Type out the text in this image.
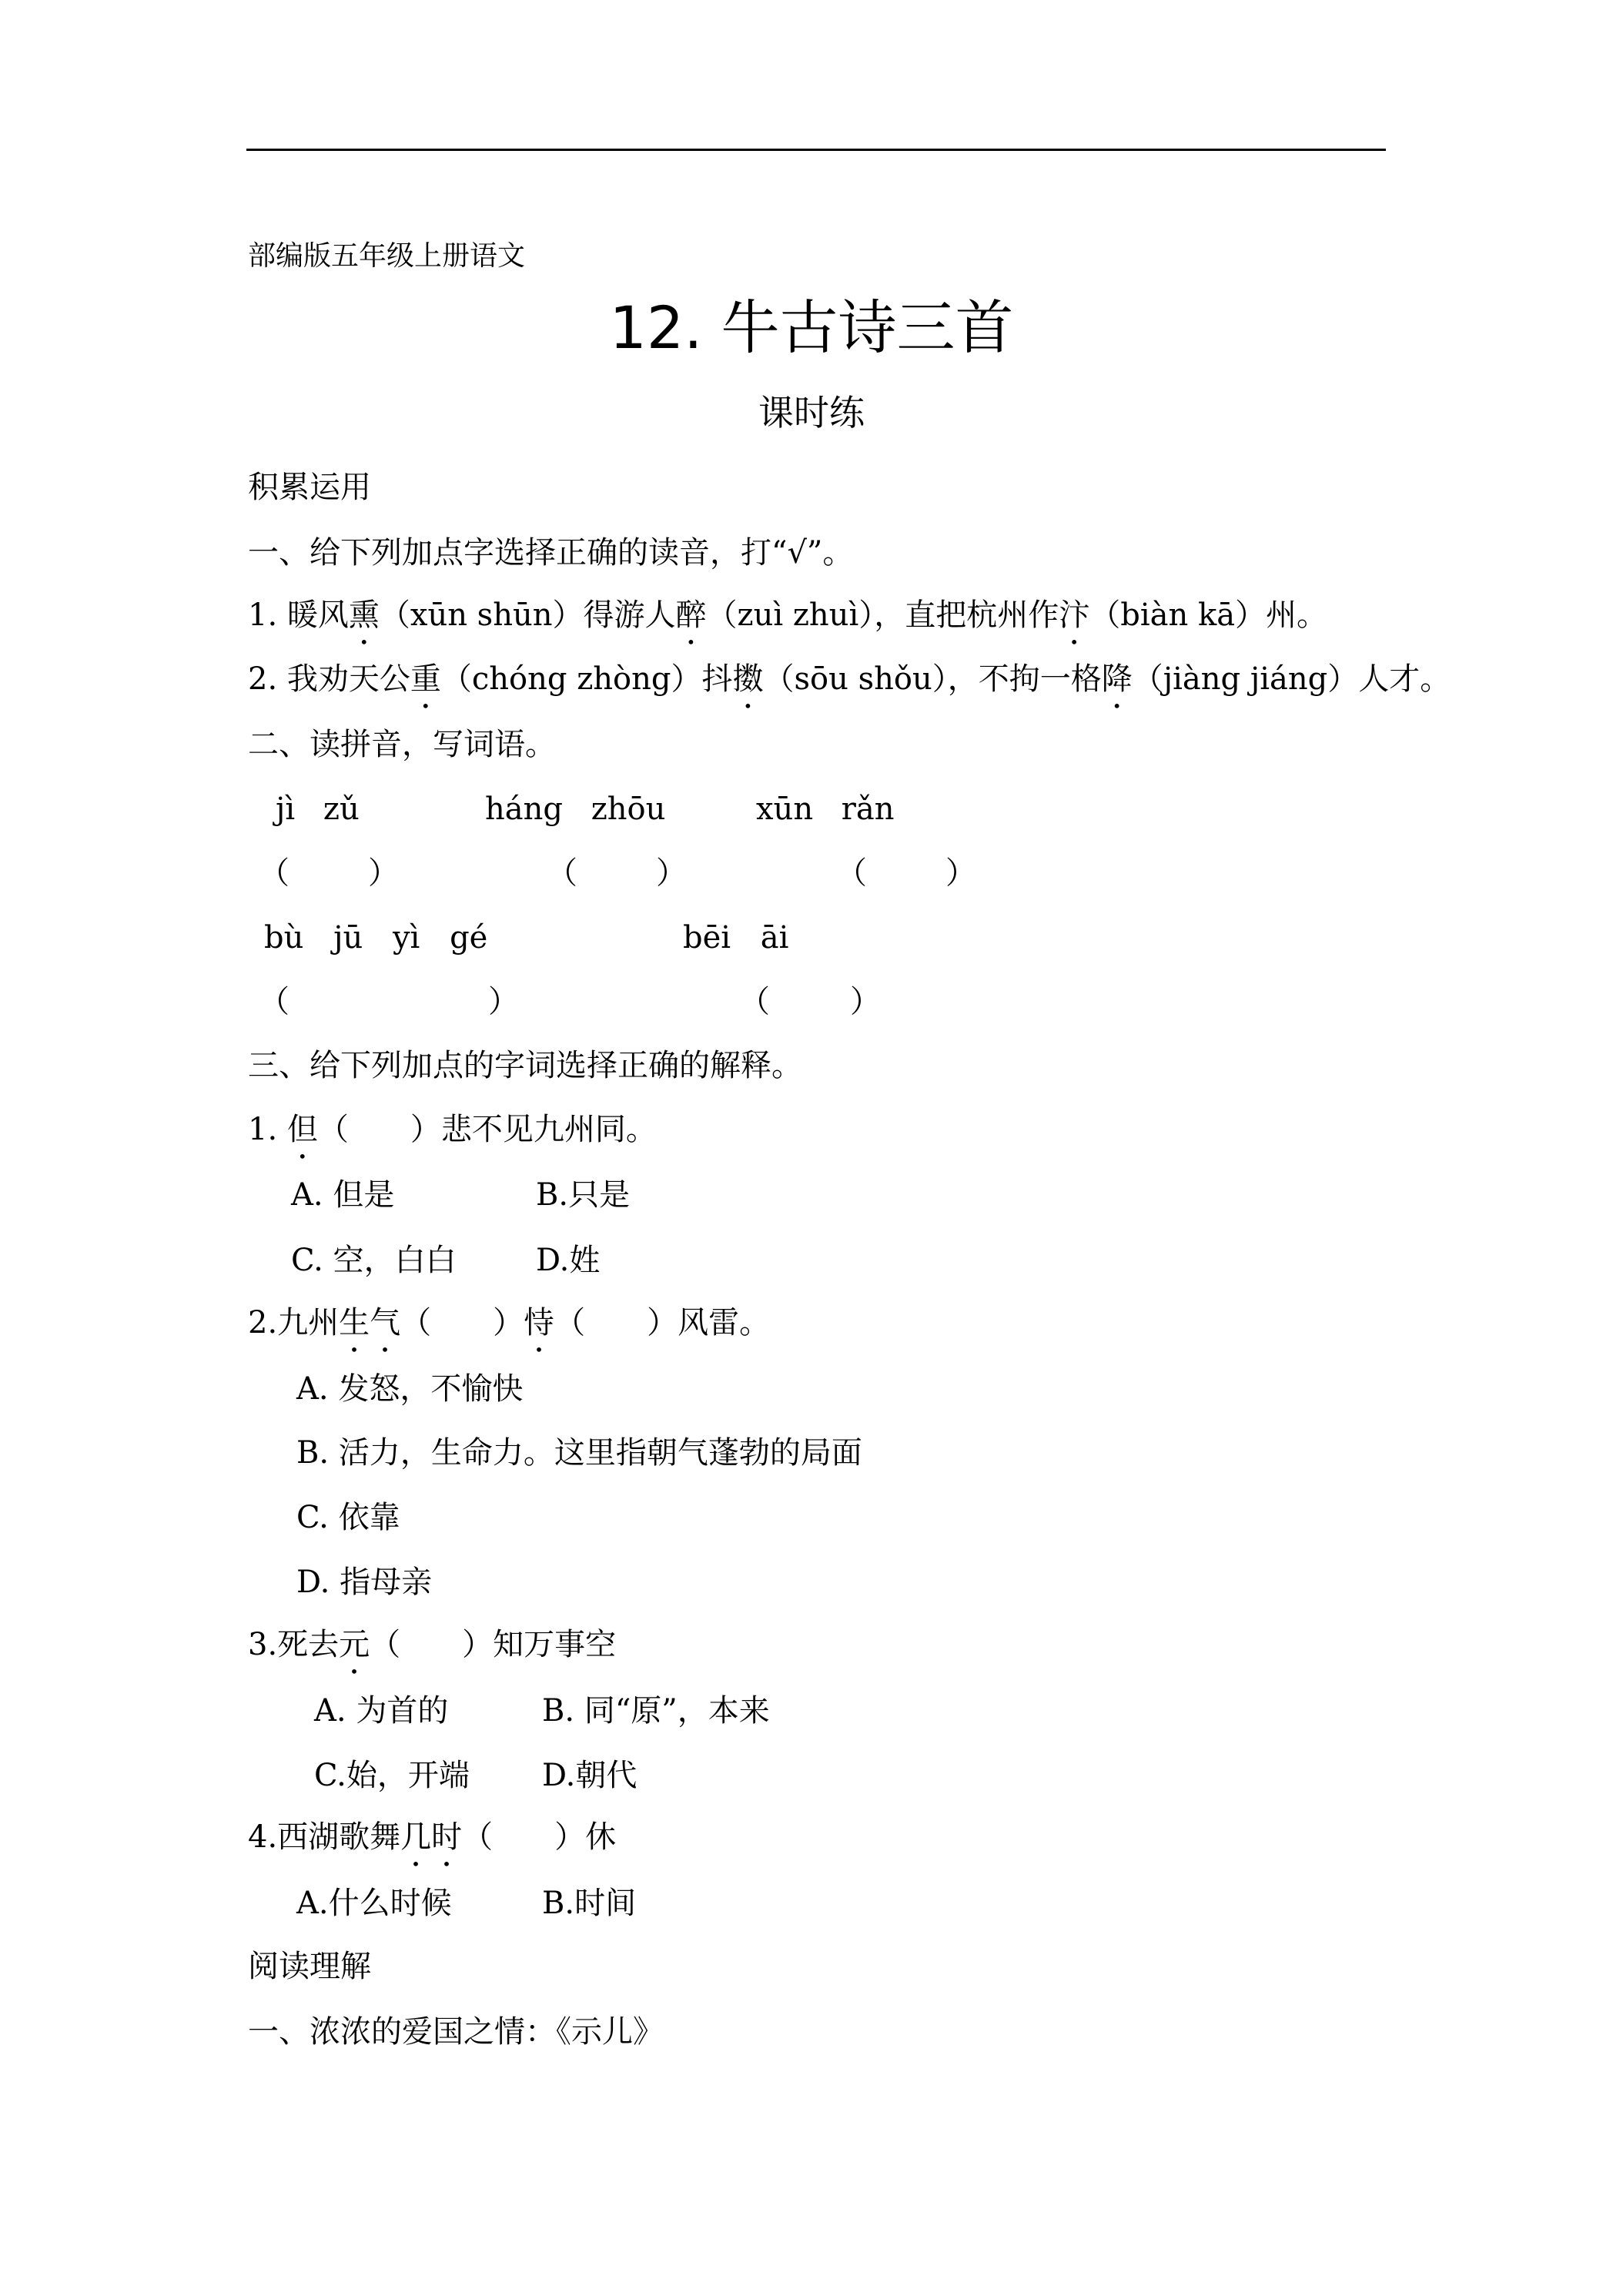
部编版五年级上册语文
12. 牛古诗三首
课时练
积累运用
一、给下列加点字选择正确的读音，打“√”。
1. 暖风熏（xūn shūn）得游人醉（zuì zhuì），直把杭州作汴（biàn kā）州。
2. 我劝天公重（chóng zhòng）抖擞（sōu shǒu），不拘一格降（jiàng jiáng）人才。
二、读拼音，写词语。
jì zǔ	háng zhōu	xūn rǎn
（	）	（	）	（	）
bù jū yì gé	bēi āi
（	）	（	）
三、给下列加点的字词选择正确的解释。
1. 但（　　）悲不见九州同。
A. 但是	B.只是
C. 空，白白	D.姓
2.九州生气（　　）恃（　　）风雷。
A. 发怒，不愉快
B. 活力，生命力。这里指朝气蓬勃的局面
C. 依靠
D. 指母亲
3.死去元（　　）知万事空
A. 为首的	B. 同“原”，本来
C.始，开端 D.朝代
4.西湖歌舞几时（　　）休
A.什么时候	B.时间
阅读理解
一、浓浓的爱国之情：《示儿》
